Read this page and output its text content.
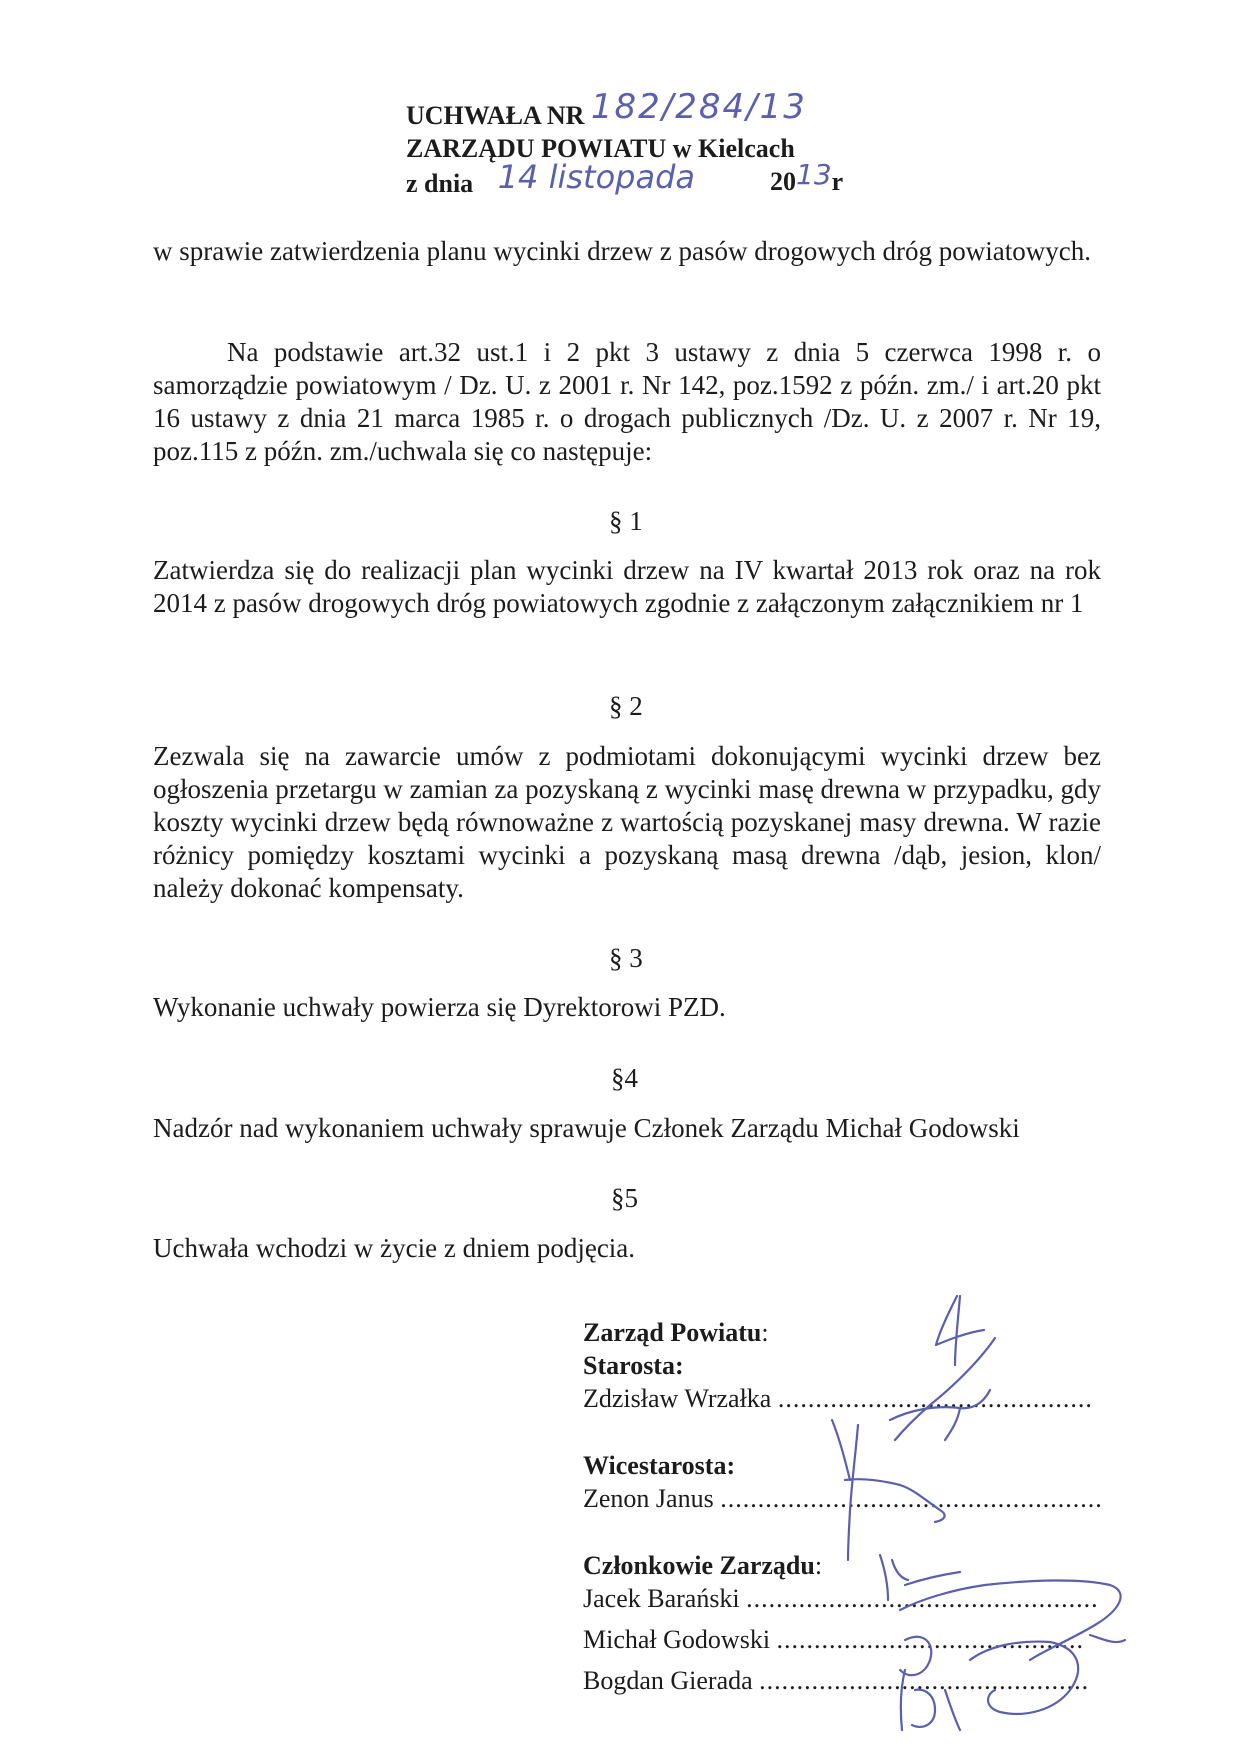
UCHWAŁA NR 182/284/13
ZARZĄDU POWIATU w Kielcach
z dnia 14 listopada	2013r
w sprawie zatwierdzenia planu wycinki drzew z pasów drogowych dróg powiatowych.
Na podstawie art.32 ust.1 i 2 pkt 3 ustawy z dnia 5 czerwca 1998 r. o samorządzie powiatowym / Dz. U. z 2001 r. Nr 142, poz.1592 z późn. zm./ i art.20 pkt 16 ustawy z dnia 21 marca 1985 r. o drogach publicznych /Dz. U. z 2007 r. Nr 19, poz.115 z późn. zm./uchwala się co następuje:
§ 1
Zatwierdza się do realizacji plan wycinki drzew na IV kwartał 2013 rok oraz na rok 2014 z pasów drogowych dróg powiatowych zgodnie z załączonym załącznikiem nr 1
§ 2
Zezwala się na zawarcie umów z podmiotami dokonującymi wycinki drzew bez ogłoszenia przetargu w zamian za pozyskaną z wycinki masę drewna w przypadku, gdy koszty wycinki drzew będą równoważne z wartością pozyskanej masy drewna. W razie różnicy pomiędzy kosztami wycinki a pozyskaną masą drewna /dąb, jesion, klon/ należy dokonać kompensaty.
§ 3
Wykonanie uchwały powierza się Dyrektorowi PZD.
§4
Nadzór nad wykonaniem uchwały sprawuje Członek Zarządu Michał Godowski
§5
Uchwała wchodzi w życie z dniem podjęcia.
Zarząd Powiatu:
Starosta:
Zdzisław Wrzałka ..........................................
Wicestarosta:
Zenon Janus ...................................................
Członkowie Zarządu:
Jacek Barański ...............................................
Michał Godowski .........................................
Bogdan Gierada ............................................
